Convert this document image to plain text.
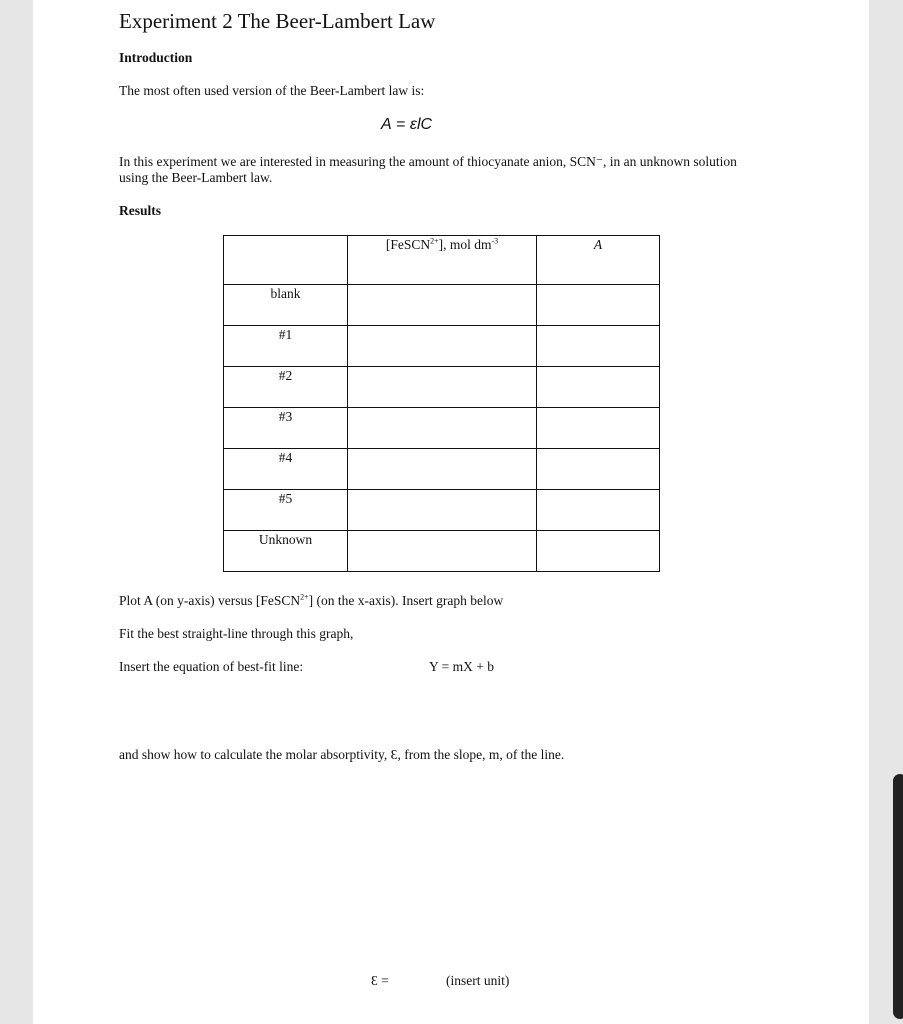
Experiment 2 The Beer-Lambert Law
Introduction
The most often used version of the Beer-Lambert law is:
A = εlC
In this experiment we are interested in measuring the amount of thiocyanate anion, SCN⁻, in an unknown solution using the Beer-Lambert law.
Results
	[FeSCN$^{2+}$], mol $dm^{-3}$	A
blank		
#1		
#2		
#3		
#4		
#5		
Unknown		
Plot A (on y-axis) versus [FeSCN$^{2+}$] (on the x-axis). Insert graph below
Fit the best straight-line through this graph,
Insert the equation of best-fit line:	Y = mX + b
and show how to calculate the molar absorptivity, Ɛ, from the slope, m, of the line.
Ɛ =	(insert unit)
